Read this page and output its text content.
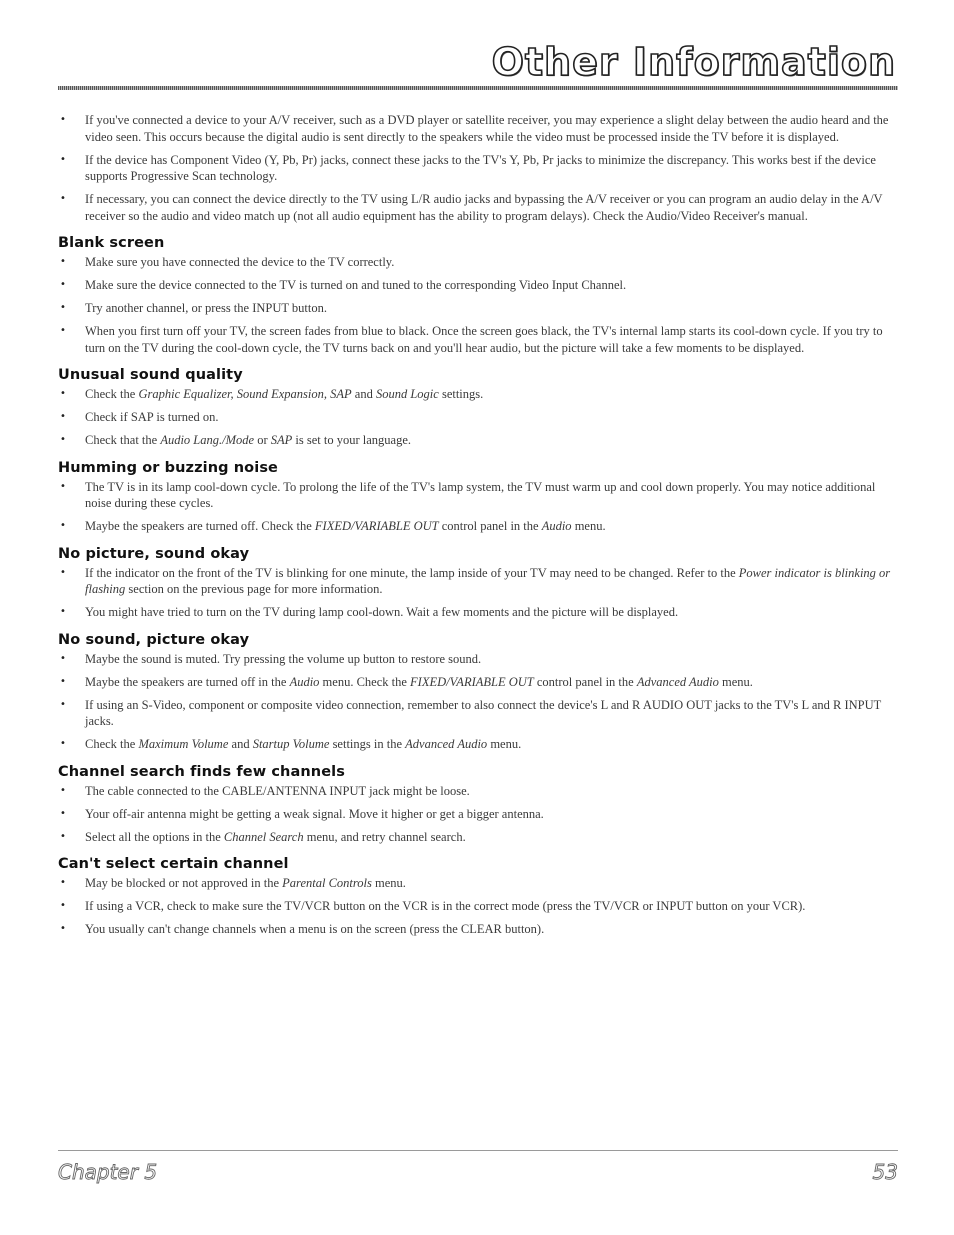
Other Information
• If you've connected a device to your A/V receiver, such as a DVD player or satellite receiver, you may experience a slight delay between the audio heard and the video seen. This occurs because the digital audio is sent directly to the speakers while the video must be processed inside the TV before it is displayed.
• If the device has Component Video (Y, Pb, Pr) jacks, connect these jacks to the TV's Y, Pb, Pr jacks to minimize the discrepancy. This works best if the device supports Progressive Scan technology.
• If necessary, you can connect the device directly to the TV using L/R audio jacks and bypassing the A/V receiver or you can program an audio delay in the A/V receiver so the audio and video match up (not all audio equipment has the ability to program delays). Check the Audio/Video Receiver's manual.
Blank screen
• Make sure you have connected the device to the TV correctly.
• Make sure the device connected to the TV is turned on and tuned to the corresponding Video Input Channel.
• Try another channel, or press the INPUT button.
• When you first turn off your TV, the screen fades from blue to black. Once the screen goes black, the TV's internal lamp starts its cool-down cycle. If you try to turn on the TV during the cool-down cycle, the TV turns back on and you'll hear audio, but the picture will take a few moments to be displayed.
Unusual sound quality
• Check the Graphic Equalizer, Sound Expansion, SAP and Sound Logic settings.
• Check if SAP is turned on.
• Check that the Audio Lang./Mode or SAP is set to your language.
Humming or buzzing noise
• The TV is in its lamp cool-down cycle. To prolong the life of the TV's lamp system, the TV must warm up and cool down properly. You may notice additional noise during these cycles.
• Maybe the speakers are turned off. Check the FIXED/VARIABLE OUT control panel in the Audio menu.
No picture, sound okay
• If the indicator on the front of the TV is blinking for one minute, the lamp inside of your TV may need to be changed. Refer to the Power indicator is blinking or flashing section on the previous page for more information.
• You might have tried to turn on the TV during lamp cool-down. Wait a few moments and the picture will be displayed.
No sound, picture okay
• Maybe the sound is muted. Try pressing the volume up button to restore sound.
• Maybe the speakers are turned off in the Audio menu. Check the FIXED/VARIABLE OUT control panel in the Advanced Audio menu.
• If using an S-Video, component or composite video connection, remember to also connect the device's L and R AUDIO OUT jacks to the TV's L and R INPUT jacks.
• Check the Maximum Volume and Startup Volume settings in the Advanced Audio menu.
Channel search finds few channels
• The cable connected to the CABLE/ANTENNA INPUT jack might be loose.
• Your off-air antenna might be getting a weak signal. Move it higher or get a bigger antenna.
• Select all the options in the Channel Search menu, and retry channel search.
Can't select certain channel
• May be blocked or not approved in the Parental Controls menu.
• If using a VCR, check to make sure the TV/VCR button on the VCR is in the correct mode (press the TV/VCR or INPUT button on your VCR).
• You usually can't change channels when a menu is on the screen (press the CLEAR button).
Chapter 5	53
